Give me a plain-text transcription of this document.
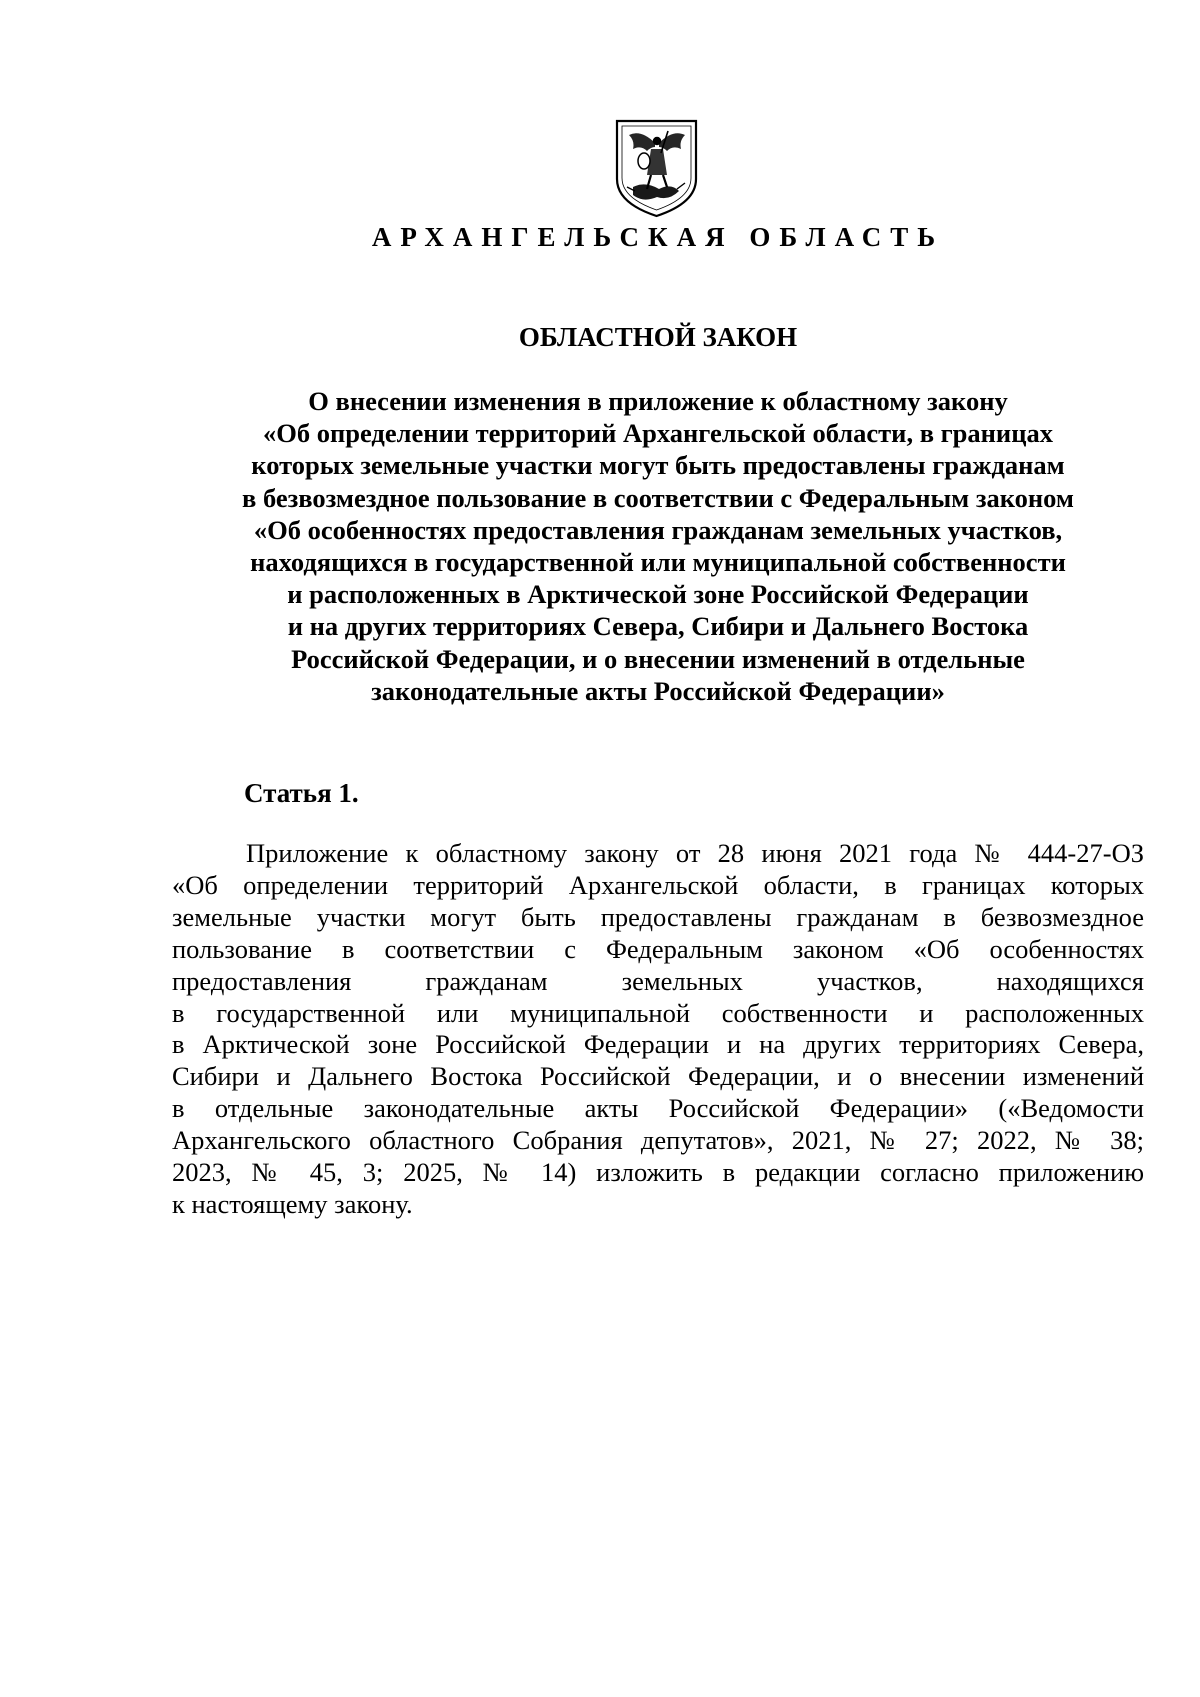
АРХАНГЕЛЬСКАЯ ОБЛАСТЬ
ОБЛАСТНОЙ ЗАКОН
О внесении изменения в приложение к областному закону
«Об определении территорий Архангельской области, в границах
которых земельные участки могут быть предоставлены гражданам
в безвозмездное пользование в соответствии с Федеральным законом
«Об особенностях предоставления гражданам земельных участков,
находящихся в государственной или муниципальной собственности
и расположенных в Арктической зоне Российской Федерации
и на других территориях Севера, Сибири и Дальнего Востока
Российской Федерации, и о внесении изменений в отдельные
законодательные акты Российской Федерации»
Статья 1.
Приложение к областному закону от 28 июня 2021 года № 444-27-ОЗ
«Об определении территорий Архангельской области, в границах которых
земельные участки могут быть предоставлены гражданам в безвозмездное
пользование в соответствии с Федеральным законом «Об особенностях
предоставления гражданам земельных участков, находящихся
в государственной или муниципальной собственности и расположенных
в Арктической зоне Российской Федерации и на других территориях Севера,
Сибири и Дальнего Востока Российской Федерации, и о внесении изменений
в отдельные законодательные акты Российской Федерации» («Ведомости
Архангельского областного Собрания депутатов», 2021, № 27; 2022, № 38;
2023, № 45, 3; 2025, № 14) изложить в редакции согласно приложению
к настоящему закону.
